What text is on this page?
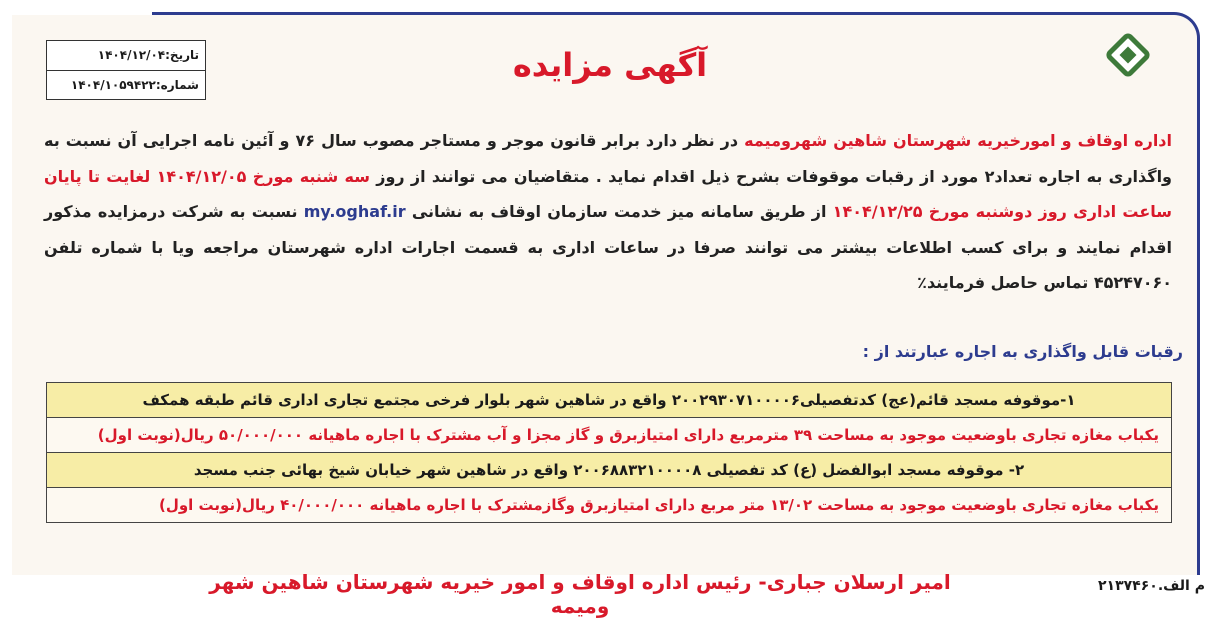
تاریخ:۱۴۰۴/۱۲/۰۴
شماره:۱۴۰۴/۱۰۵۹۴۲۲
آگهی مزایده
اداره اوقاف و امورخیریه شهرستان شاهین شهرومیمه در نظر دارد برابر قانون موجر و مستاجر مصوب سال ۷۶ و آئین نامه اجرایی آن نسبت به واگذاری به اجاره تعداد۲ مورد از رقبات موقوفات بشرح ذیل اقدام نماید . متقاضیان می توانند از روز سه شنبه مورخ ۱۴۰۴/۱۲/۰۵ لغایت تا پایان ساعت اداری روز دوشنبه مورخ ۱۴۰۴/۱۲/۲۵ از طریق سامانه میز خدمت سازمان اوقاف به نشانی my.oghaf.ir نسبت به شرکت درمزایده مذکور اقدام نمایند و برای کسب اطلاعات بیشتر می توانند صرفا در ساعات اداری به قسمت اجارات اداره شهرستان مراجعه ویا با شماره تلفن ۴۵۲۴۷۰۶۰ تماس حاصل فرمایند٪
رقبات قابل واگذاری به اجاره عبارتند از :
۱-موقوفه مسجد قائم(عج) کدتفصیلی۲۰۰۲۹۳۰۷۱۰۰۰۰۶ واقع در شاهین شهر بلوار فرخی مجتمع تجاری اداری قائم طبقه همکف
یکباب مغازه تجاری باوضعیت موجود به مساحت ۳۹ مترمربع دارای امتیازبرق و گاز مجزا و آب مشترک با اجاره ماهیانه ۵۰/۰۰۰/۰۰۰ ریال(نوبت اول)
۲- موقوفه مسجد ابوالفضل (ع) کد تفصیلی ۲۰۰۶۸۸۳۲۱۰۰۰۰۸ واقع در شاهین شهر خیابان شیخ بهائی جنب مسجد
یکباب مغازه تجاری باوضعیت موجود به مساحت ۱۳/۰۲ متر مربع دارای امتیازبرق وگازمشترک با اجاره ماهیانه ۴۰/۰۰۰/۰۰۰ ریال(نوبت اول)
امیر ارسلان جباری- رئیس اداره اوقاف و امور خیریه شهرستان شاهین شهر ومیمه
م الف.۲۱۳۷۴۶۰
